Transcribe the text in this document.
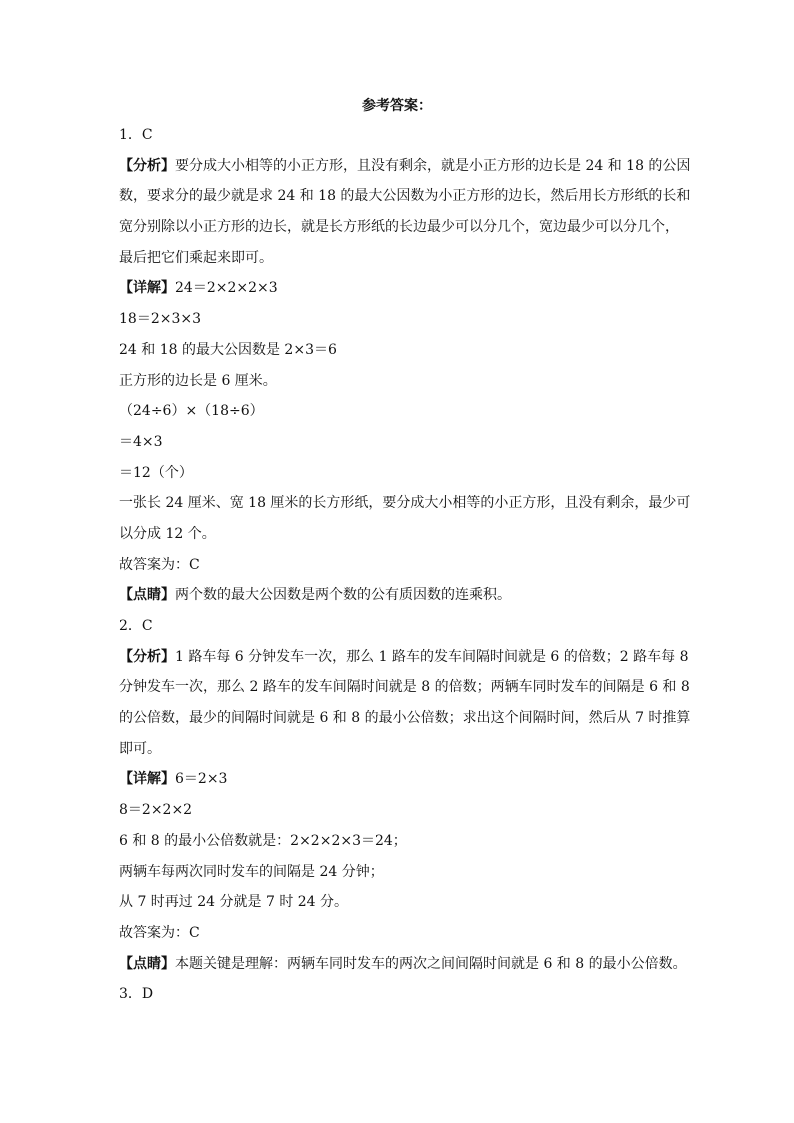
参考答案：
1．C
【分析】要分成大小相等的小正方形，且没有剩余，就是小正方形的边长是 24 和 18 的公因
数，要求分的最少就是求 24 和 18 的最大公因数为小正方形的边长，然后用长方形纸的长和
宽分别除以小正方形的边长，就是长方形纸的长边最少可以分几个，宽边最少可以分几个，
最后把它们乘起来即可。
【详解】24＝2×2×2×3
18＝2×3×3
24 和 18 的最大公因数是 2×3＝6
正方形的边长是 6 厘米。
（24÷6）×（18÷6）
＝4×3
＝12（个）
一张长 24 厘米、宽 18 厘米的长方形纸，要分成大小相等的小正方形，且没有剩余，最少可
以分成 12 个。
故答案为：C
【点睛】两个数的最大公因数是两个数的公有质因数的连乘积。
2．C
【分析】1 路车每 6 分钟发车一次，那么 1 路车的发车间隔时间就是 6 的倍数；2 路车每 8
分钟发车一次，那么 2 路车的发车间隔时间就是 8 的倍数；两辆车同时发车的间隔是 6 和 8
的公倍数，最少的间隔时间就是 6 和 8 的最小公倍数；求出这个间隔时间，然后从 7 时推算
即可。
【详解】6＝2×3
8＝2×2×2
6 和 8 的最小公倍数就是：2×2×2×3＝24；
两辆车每两次同时发车的间隔是 24 分钟；
从 7 时再过 24 分就是 7 时 24 分。
故答案为：C
【点睛】本题关键是理解：两辆车同时发车的两次之间间隔时间就是 6 和 8 的最小公倍数。
3．D
